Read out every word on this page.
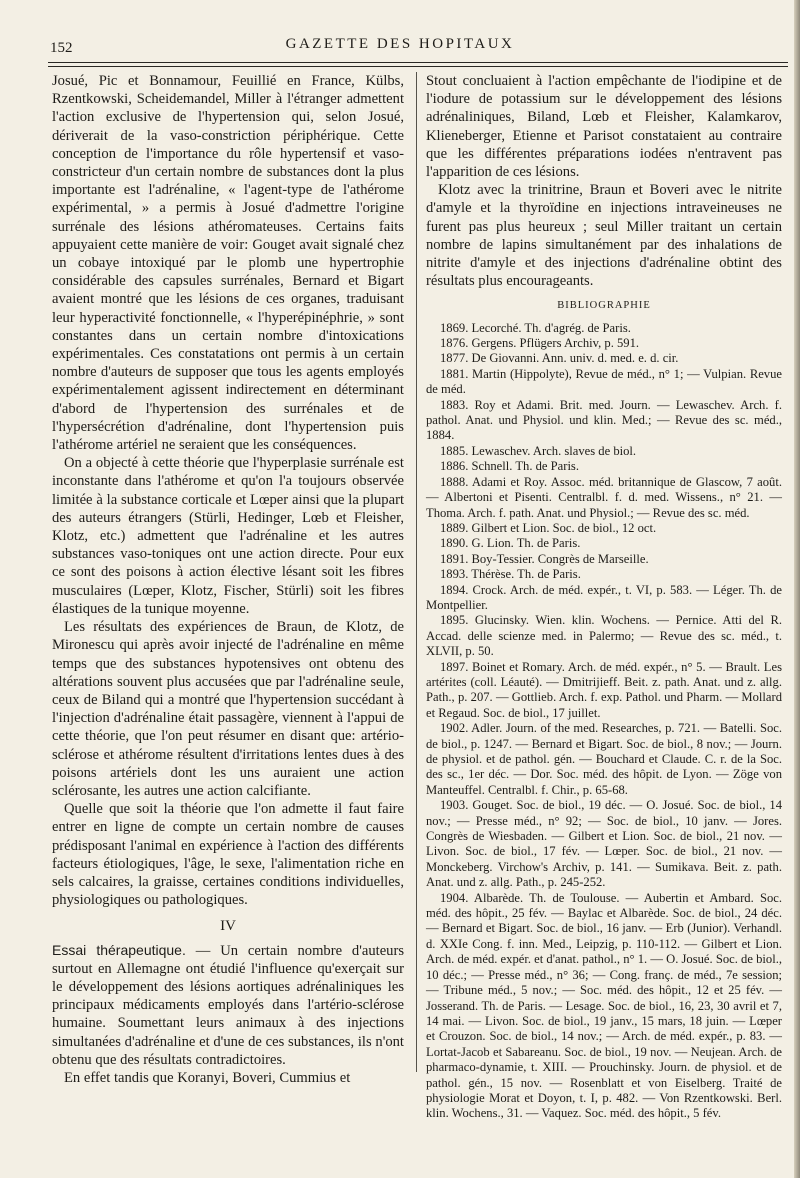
152	GAZETTE DES HOPITAUX

Josué, Pic et Bonnamour, Feuillié en France, Külbs, Rzentkowski, Scheidemandel, Miller à l'étranger admettent l'action exclusive de l'hypertension qui, selon Josué, dériverait de la vaso-constriction périphérique. Cette conception de l'importance du rôle hypertensif et vaso-constricteur d'un certain nombre de substances dont la plus importante est l'adrénaline, « l'agent-type de l'athérome expérimental, » a permis à Josué d'admettre l'origine surrénale des lésions athéromateuses. Certains faits appuyaient cette manière de voir: Gouget avait signalé chez un cobaye intoxiqué par le plomb une hypertrophie considérable des capsules surrénales, Bernard et Bigart avaient montré que les lésions de ces organes, traduisant leur hyperactivité fonctionnelle, « l'hyperépinéphrie, » sont constantes dans un certain nombre d'intoxications expérimentales. Ces constatations ont permis à un certain nombre d'auteurs de supposer que tous les agents employés expérimentalement agissent indirectement en déterminant d'abord de l'hypertension des surrénales et de l'hypersécrétion d'adrénaline, dont l'hypertension puis l'athérome artériel ne seraient que les conséquences.

On a objecté à cette théorie que l'hyperplasie surrénale est inconstante dans l'athérome et qu'on l'a toujours observée limitée à la substance corticale et Lœper ainsi que la plupart des auteurs étrangers (Stürli, Hedinger, Lœb et Fleisher, Klotz, etc.) admettent que l'adrénaline et les autres substances vaso-toniques ont une action directe. Pour eux ce sont des poisons à action élective lésant soit les fibres musculaires (Lœper, Klotz, Fischer, Stürli) soit les fibres élastiques de la tunique moyenne.

Les résultats des expériences de Braun, de Klotz, de Mironescu qui après avoir injecté de l'adrénaline en même temps que des substances hypotensives ont obtenu des altérations souvent plus accusées que par l'adrénaline seule, ceux de Biland qui a montré que l'hypertension succédant à l'injection d'adrénaline était passagère, viennent à l'appui de cette théorie, que l'on peut résumer en disant que: artério-sclérose et athérome résultent d'irritations lentes dues à des poisons artériels dont les uns auraient une action sclérosante, les autres une action calcifiante.

Quelle que soit la théorie que l'on admette il faut faire entrer en ligne de compte un certain nombre de causes prédisposant l'animal en expérience à l'action des différents facteurs étiologiques, l'âge, le sexe, l'alimentation riche en sels calcaires, la graisse, certaines conditions individuelles, physiologiques ou pathologiques.

IV

Essai thérapeutique. — Un certain nombre d'auteurs surtout en Allemagne ont étudié l'influence qu'exerçait sur le développement des lésions aortiques adrénaliniques les principaux médicaments employés dans l'artério-sclérose humaine. Soumettant leurs animaux à des injections simultanées d'adrénaline et d'une de ces substances, ils n'ont obtenu que des résultats contradictoires.

En effet tandis que Koranyi, Boveri, Cummius et

Stout concluaient à l'action empêchante de l'iodipine et de l'iodure de potassium sur le développement des lésions adrénaliniques, Biland, Lœb et Fleisher, Kalamkarov, Klieneberger, Etienne et Parisot constataient au contraire que les différentes préparations iodées n'entravent pas l'apparition de ces lésions.

Klotz avec la trinitrine, Braun et Boveri avec le nitrite d'amyle et la thyroïdine en injections intraveineuses ne furent pas plus heureux ; seul Miller traitant un certain nombre de lapins simultanément par des inhalations de nitrite d'amyle et des injections d'adrénaline obtint des résultats plus encourageants.

BIBLIOGRAPHIE

1869. Lecorché. Th. d'agrég. de Paris.

1876. Gergens. Pflügers Archiv, p. 591.

1877. De Giovanni. Ann. univ. d. med. e. d. cir.

1881. Martin (Hippolyte), Revue de méd., n° 1; — Vulpian. Revue de méd.

1883. Roy et Adami. Brit. med. Journ. — Lewaschev. Arch. f. pathol. Anat. und Physiol. und klin. Med.; — Revue des sc. méd., 1884.

1885. Lewaschev. Arch. slaves de biol.

1886. Schnell. Th. de Paris.

1888. Adami et Roy. Assoc. méd. britannique de Glascow, 7 août. — Albertoni et Pisenti. Centralbl. f. d. med. Wissens., n° 21. — Thoma. Arch. f. path. Anat. und Physiol.; — Revue des sc. méd.

1889. Gilbert et Lion. Soc. de biol., 12 oct.

1890. G. Lion. Th. de Paris.

1891. Boy-Tessier. Congrès de Marseille.

1893. Thérèse. Th. de Paris.

1894. Crock. Arch. de méd. expér., t. VI, p. 583. — Léger. Th. de Montpellier.

1895. Glucinsky. Wien. klin. Wochens. — Pernice. Atti del R. Accad. delle scienze med. in Palermo; — Revue des sc. méd., t. XLVII, p. 50.

1897. Boinet et Romary. Arch. de méd. expér., n° 5. — Brault. Les artérites (coll. Léauté). — Dmitrijieff. Beit. z. path. Anat. und z. allg. Path., p. 207. — Gottlieb. Arch. f. exp. Pathol. und Pharm. — Mollard et Regaud. Soc. de biol., 17 juillet.

1902. Adler. Journ. of the med. Researches, p. 721. — Batelli. Soc. de biol., p. 1247. — Bernard et Bigart. Soc. de biol., 8 nov.; — Journ. de physiol. et de pathol. gén. — Bouchard et Claude. C. r. de la Soc. des sc., 1er déc. — Dor. Soc. méd. des hôpit. de Lyon. — Zöge von Manteuffel. Centralbl. f. Chir., p. 65-68.

1903. Gouget. Soc. de biol., 19 déc. — O. Josué. Soc. de biol., 14 nov.; — Presse méd., n° 92; — Soc. de biol., 10 janv. — Jores. Congrès de Wiesbaden. — Gilbert et Lion. Soc. de biol., 21 nov. — Livon. Soc. de biol., 17 fév. — Lœper. Soc. de biol., 21 nov. — Monckeberg. Virchow's Archiv, p. 141. — Sumikava. Beit. z. path. Anat. und z. allg. Path., p. 245-252.

1904. Albarède. Th. de Toulouse. — Aubertin et Ambard. Soc. méd. des hôpit., 25 fév. — Baylac et Albarède. Soc. de biol., 24 déc. — Bernard et Bigart. Soc. de biol., 16 janv. — Erb (Junior). Verhandl. d. XXIe Cong. f. inn. Med., Leipzig, p. 110-112. — Gilbert et Lion. Arch. de méd. expér. et d'anat. pathol., n° 1. — O. Josué. Soc. de biol., 10 déc.; — Presse méd., n° 36; — Cong. franç. de méd., 7e session; — Tribune méd., 5 nov.; — Soc. méd. des hôpit., 12 et 25 fév. — Josserand. Th. de Paris. — Lesage. Soc. de biol., 16, 23, 30 avril et 7, 14 mai. — Livon. Soc. de biol., 19 janv., 15 mars, 18 juin. — Lœper et Crouzon. Soc. de biol., 14 nov.; — Arch. de méd. expér., p. 83. — Lortat-Jacob et Sabareanu. Soc. de biol., 19 nov. — Neujean. Arch. de pharmaco-dynamie, t. XIII. — Prouchinsky. Journ. de physiol. et de pathol. gén., 15 nov. — Rosenblatt et von Eiselberg. Traité de physiologie Morat et Doyon, t. I, p. 482. — Von Rzentkowski. Berl. klin. Wochens., 31. — Vaquez. Soc. méd. des hôpit., 5 fév.
